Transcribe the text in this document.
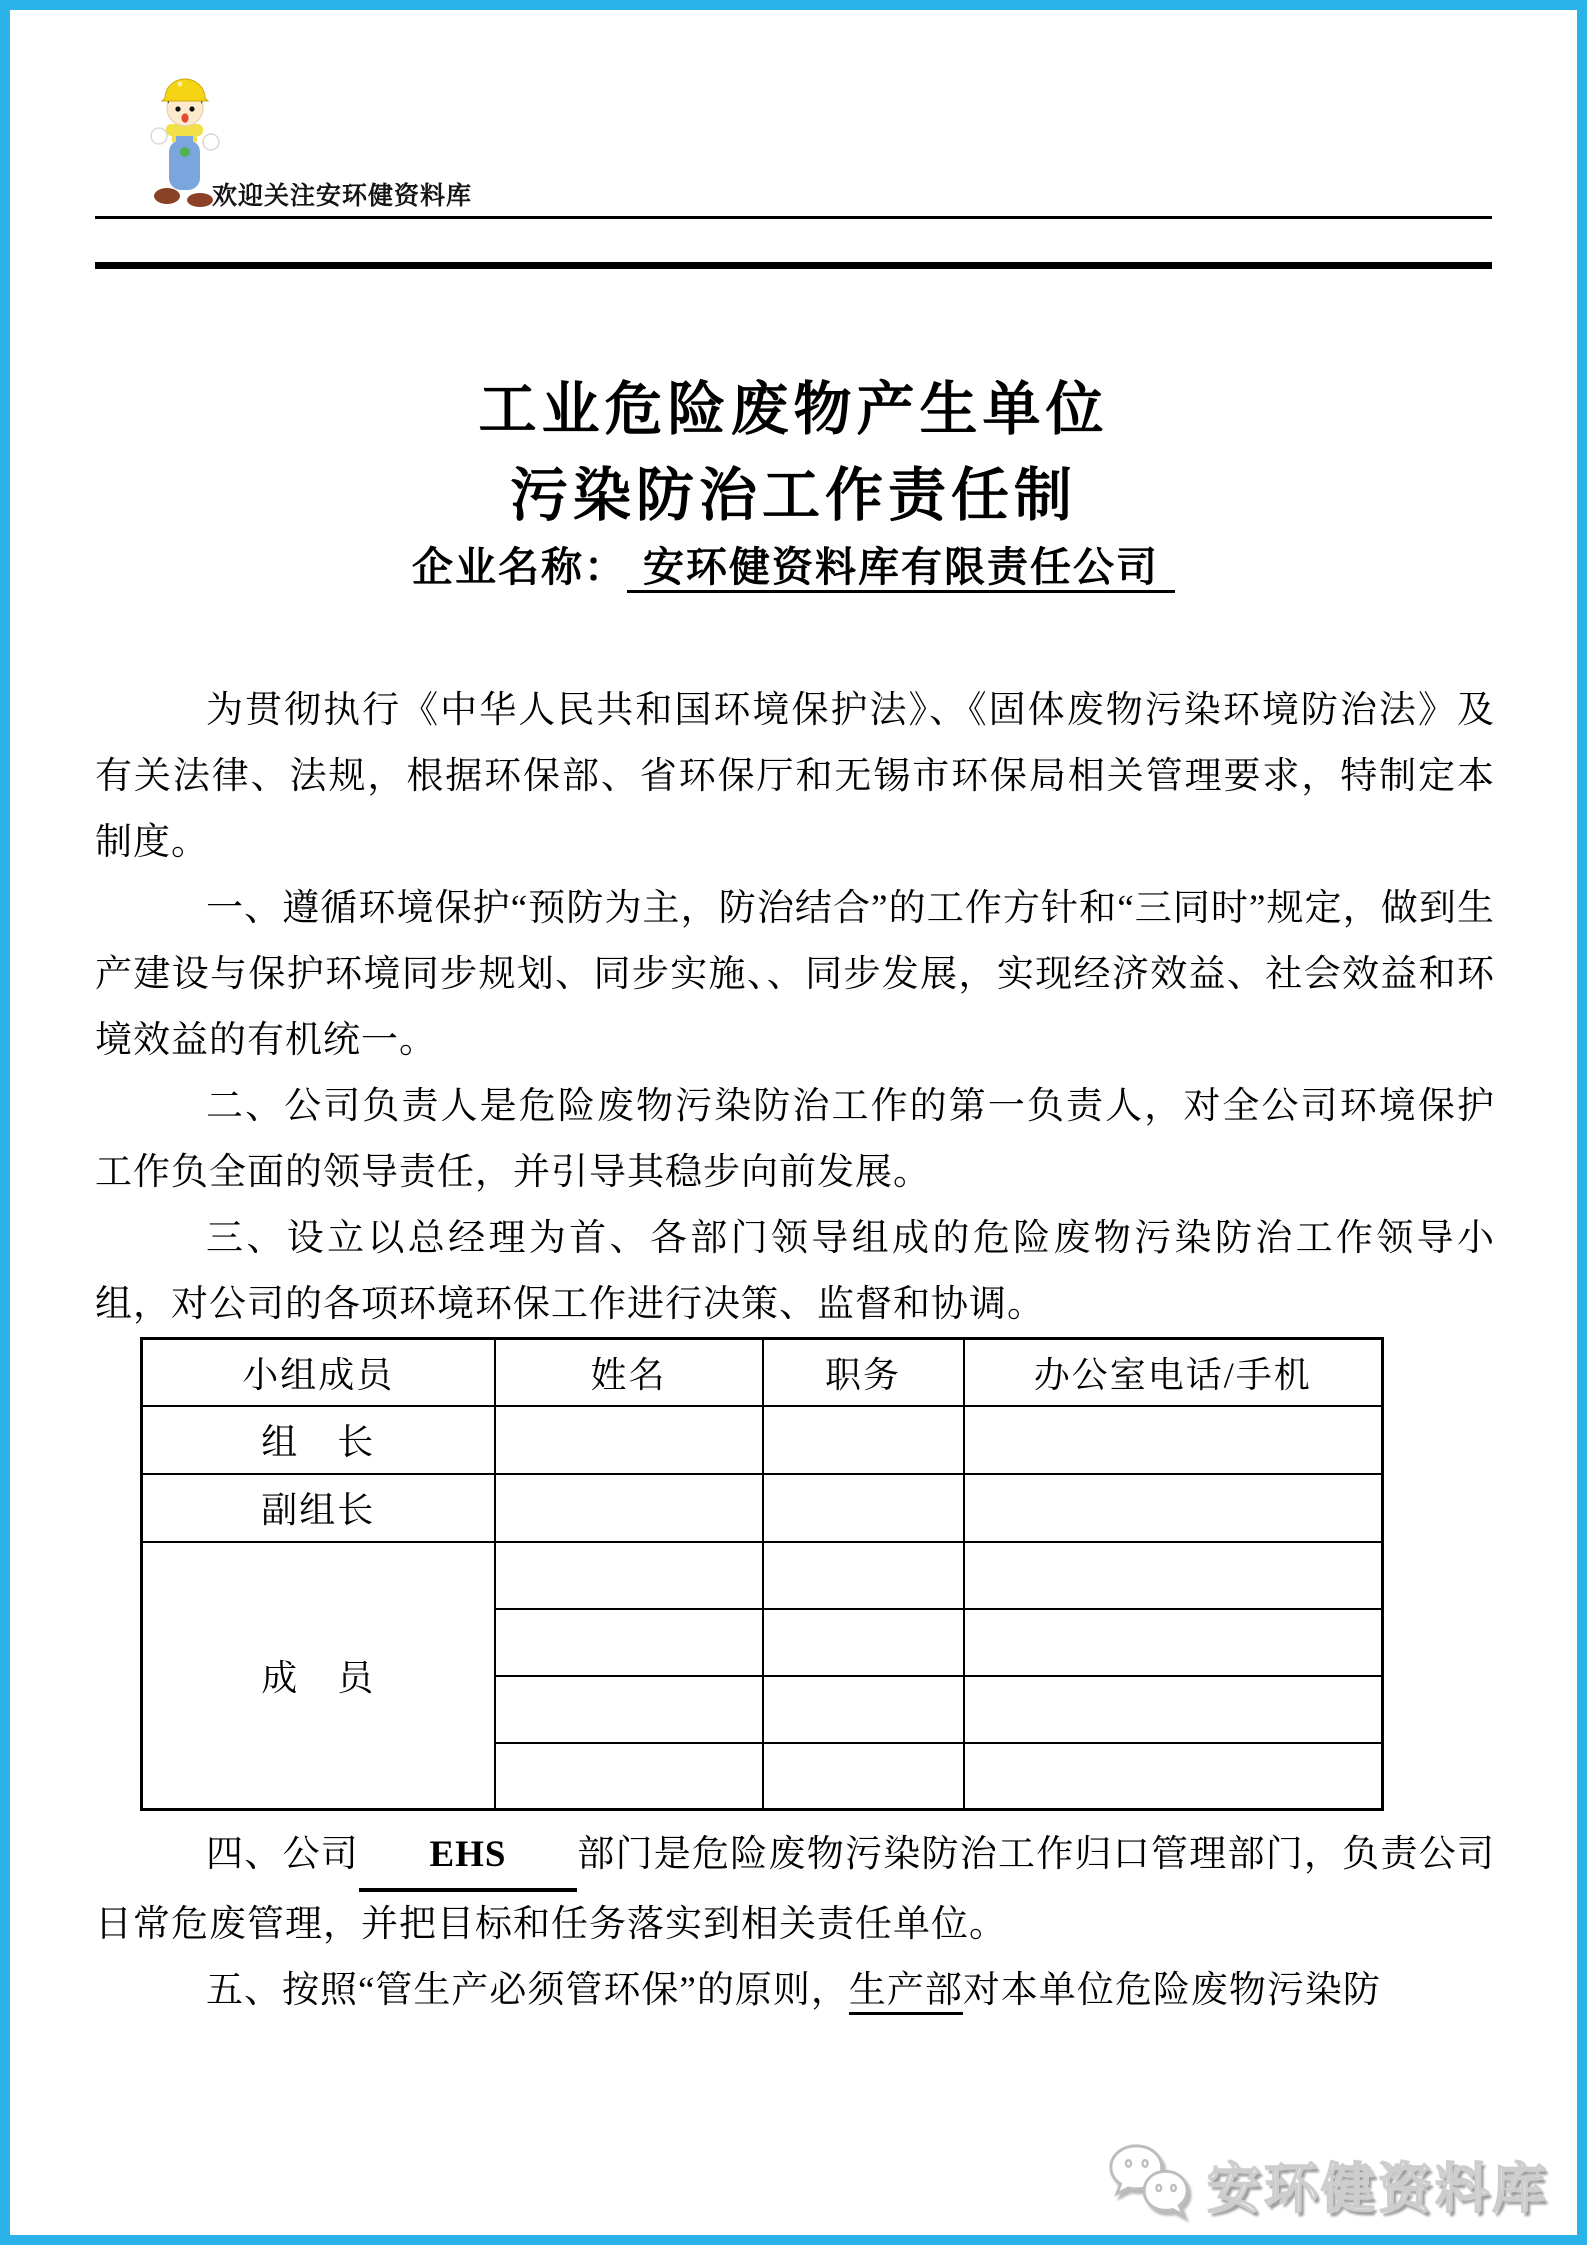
欢迎关注安环健资料库
工业危险废物产生单位
污染防治工作责任制
企业名称： 安环健资料库有限责任公司

为贯彻执行《中华人民共和国环境保护法》、《固体废物污染环境防治法》及有关法律、法规，根据环保部、省环保厅和无锡市环保局相关管理要求，特制定本制度。

一、遵循环境保护“预防为主，防治结合”的工作方针和“三同时”规定，做到生产建设与保护环境同步规划、同步实施、、同步发展，实现经济效益、社会效益和环境效益的有机统一。

二、公司负责人是危险废物污染防治工作的第一负责人，对全公司环境保护工作负全面的领导责任，并引导其稳步向前发展。

三、设立以总经理为首、各部门领导组成的危险废物污染防治工作领导小组，对公司的各项环境环保工作进行决策、监督和协调。

小组成员	姓名	职务	办公室电话/手机
组　长			
副组长			
成　员			

四、公司 EHS 部门是危险废物污染防治工作归口管理部门，负责公司日常危废管理，并把目标和任务落实到相关责任单位。

五、按照“管生产必须管环保”的原则，生产部对本单位危险废物污染防

安环健资料库
